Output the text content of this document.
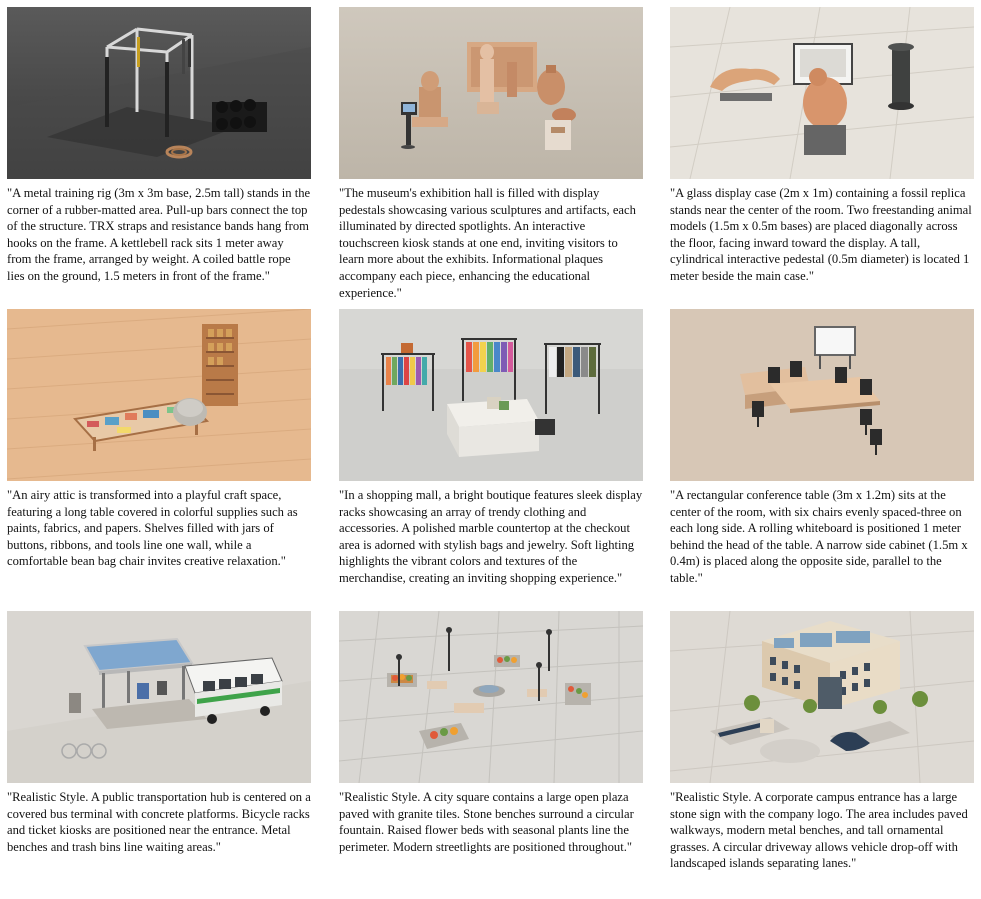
"A metal training rig (3m x 3m base, 2.5m tall) stands in the corner of a rubber-matted area. Pull-up bars connect the top of the structure. TRX straps and resistance bands hang from hooks on the frame. A kettlebell rack sits 1 meter away from the frame, arranged by weight. A coiled battle rope lies on the ground, 1.5 meters in front of the frame."

"The museum's exhibition hall is filled with display pedestals showcasing various sculptures and artifacts, each illuminated by directed spotlights. An interactive touchscreen kiosk stands at one end, inviting visitors to learn more about the exhibits. Informational plaques accompany each piece, enhancing the educational experience."

"A glass display case (2m x 1m) containing a fossil replica stands near the center of the room. Two freestanding animal models (1.5m x 0.5m bases) are placed diagonally across the floor, facing inward toward the display. A tall, cylindrical interactive pedestal (0.5m diameter) is located 1 meter beside the main case."

"An airy attic is transformed into a playful craft space, featuring a long table covered in colorful supplies such as paints, fabrics, and papers. Shelves filled with jars of buttons, ribbons, and tools line one wall, while a comfortable bean bag chair invites creative relaxation."

"In a shopping mall, a bright boutique features sleek display racks showcasing an array of trendy clothing and accessories. A polished marble countertop at the checkout area is adorned with stylish bags and jewelry. Soft lighting highlights the vibrant colors and textures of the merchandise, creating an inviting shopping experience."

"A rectangular conference table (3m x 1.2m) sits at the center of the room, with six chairs evenly spaced-three on each long side. A rolling whiteboard is positioned 1 meter behind the head of the table. A narrow side cabinet (1.5m x 0.4m) is placed along the opposite side, parallel to the table."

"Realistic Style. A public transportation hub is centered on a covered bus terminal with concrete platforms. Bicycle racks and ticket kiosks are positioned near the entrance. Metal benches and trash bins line waiting areas."

"Realistic Style. A city square contains a large open plaza paved with granite tiles. Stone benches surround a circular fountain. Raised flower beds with seasonal plants line the perimeter. Modern streetlights are positioned throughout."

"Realistic Style. A corporate campus entrance has a large stone sign with the company logo. The area includes paved walkways, modern metal benches, and tall ornamental grasses. A circular driveway allows vehicle drop-off with landscaped islands separating lanes."
